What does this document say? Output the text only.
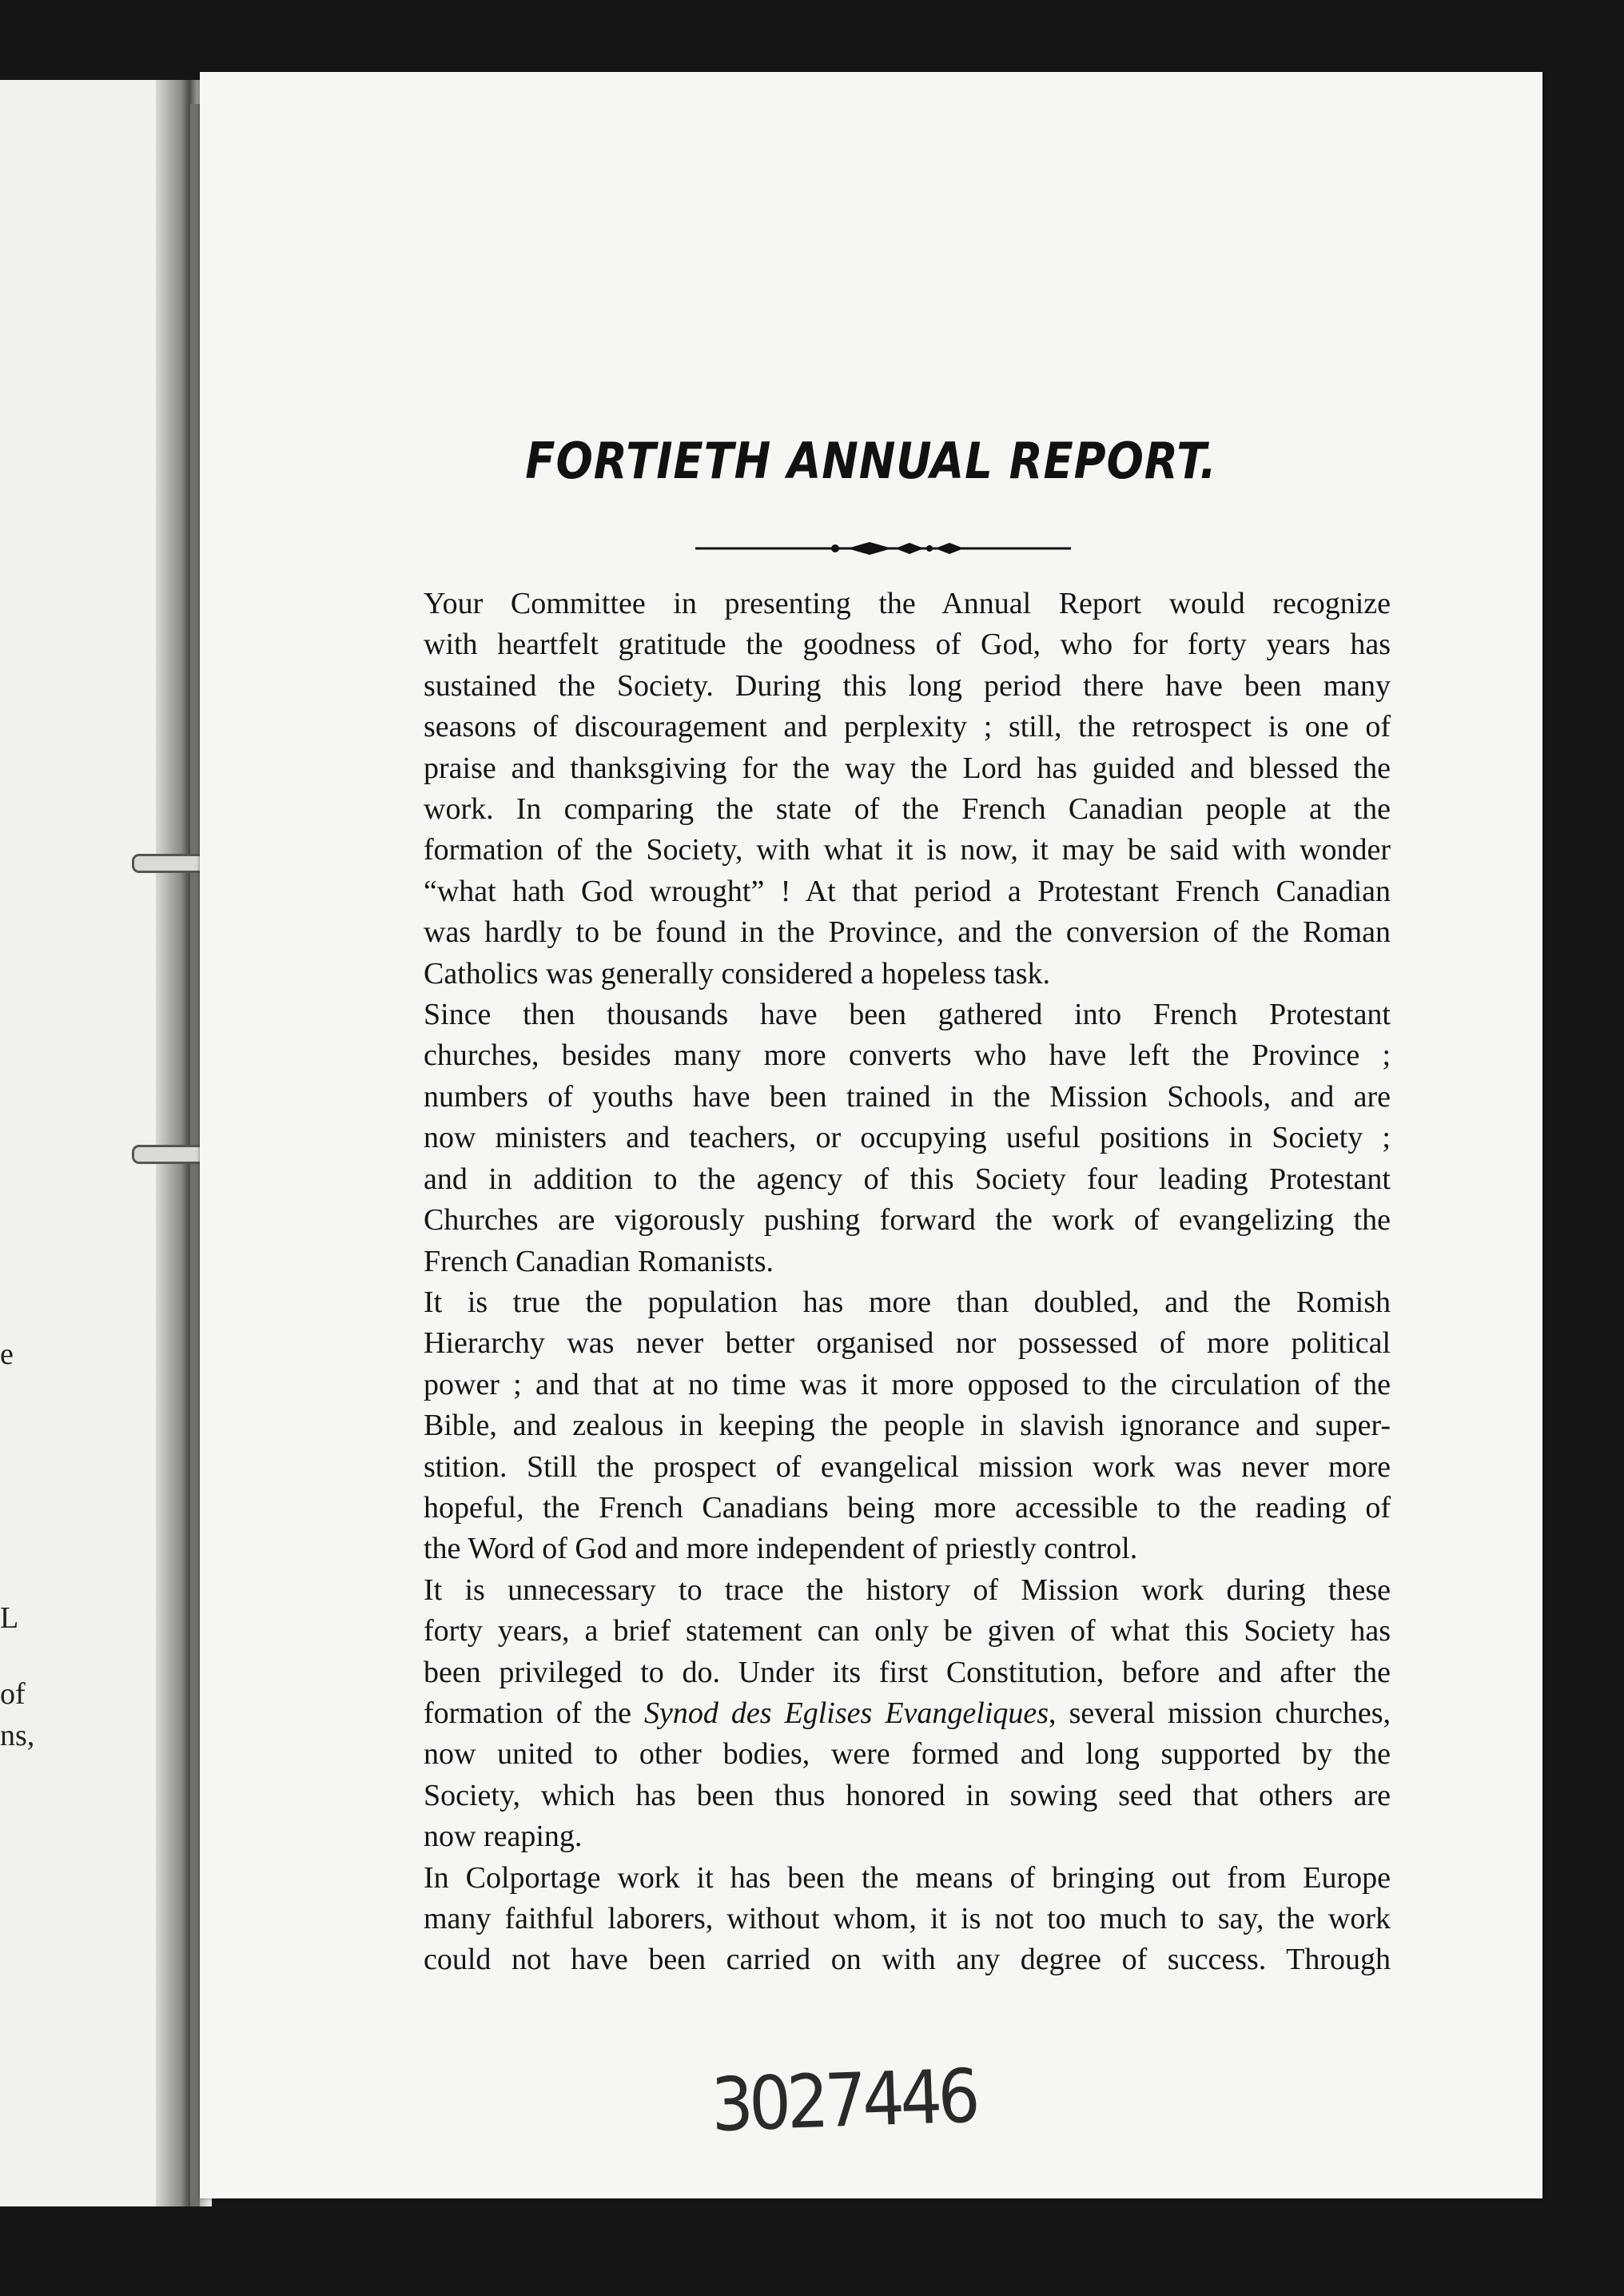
e
L
of
ns,
FORTIETH ANNUAL REPORT.

Your Committee in presenting the Annual Report would recognize
with heartfelt gratitude the goodness of God, who for forty years has
sustained the Society. During this long period there have been many
seasons of discouragement and perplexity ; still, the retrospect is one of
praise and thanksgiving for the way the Lord has guided and blessed the
work. In comparing the state of the French Canadian people at the
formation of the Society, with what it is now, it may be said with wonder
“what hath God wrought” ! At that period a Protestant French Canadian
was hardly to be found in the Province, and the conversion of the Roman
Catholics was generally considered a hopeless task.

Since then thousands have been gathered into French Protestant
churches, besides many more converts who have left the Province ;
numbers of youths have been trained in the Mission Schools, and are
now ministers and teachers, or occupying useful positions in Society ;
and in addition to the agency of this Society four leading Protestant
Churches are vigorously pushing forward the work of evangelizing the
French Canadian Romanists.

It is true the population has more than doubled, and the Romish
Hierarchy was never better organised nor possessed of more political
power ; and that at no time was it more opposed to the circulation of the
Bible, and zealous in keeping the people in slavish ignorance and super-
stition. Still the prospect of evangelical mission work was never more
hopeful, the French Canadians being more accessible to the reading of
the Word of God and more independent of priestly control.

It is unnecessary to trace the history of Mission work during these
forty years, a brief statement can only be given of what this Society has
been privileged to do. Under its first Constitution, before and after the
formation of the Synod des Eglises Evangeliques, several mission churches,
now united to other bodies, were formed and long supported by the
Society, which has been thus honored in sowing seed that others are
now reaping.

In Colportage work it has been the means of bringing out from Europe
many faithful laborers, without whom, it is not too much to say, the work
could not have been carried on with any degree of success. Through

3027446
